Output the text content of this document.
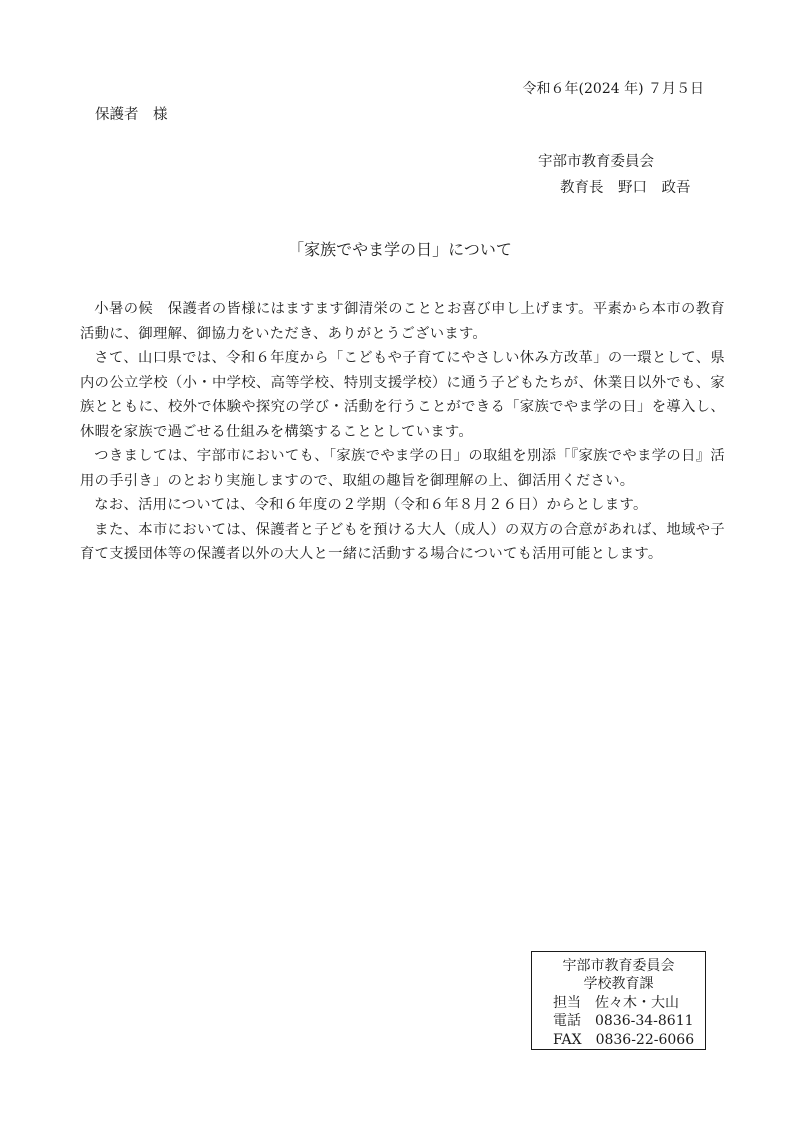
令和６年(2024 年) ７月５日
保護者　様
宇部市教育委員会
教育長　野口　政吾
「家族でやま学の日」について

小暑の候　保護者の皆様にはますます御清栄のこととお喜び申し上げます。平素から本市の教育活動に、御理解、御協力をいただき、ありがとうございます。

さて、山口県では、令和６年度から「こどもや子育てにやさしい休み方改革」の一環として、県内の公立学校（小・中学校、高等学校、特別支援学校）に通う子どもたちが、休業日以外でも、家族とともに、校外で体験や探究の学び・活動を行うことができる「家族でやま学の日」を導入し、休暇を家族で過ごせる仕組みを構築することとしています。

つきましては、宇部市においても、「家族でやま学の日」の取組を別添「『家族でやま学の日』活用の手引き」のとおり実施しますので、取組の趣旨を御理解の上、御活用ください。

なお、活用については、令和６年度の２学期（令和６年８月２６日）からとします。

また、本市においては、保護者と子どもを預ける大人（成人）の双方の合意があれば、地域や子育て支援団体等の保護者以外の大人と一緒に活動する場合についても活用可能とします。

宇部市教育委員会
学校教育課
担当　佐々木・大山
電話　0836-34-8611
FAX　0836-22-6066
